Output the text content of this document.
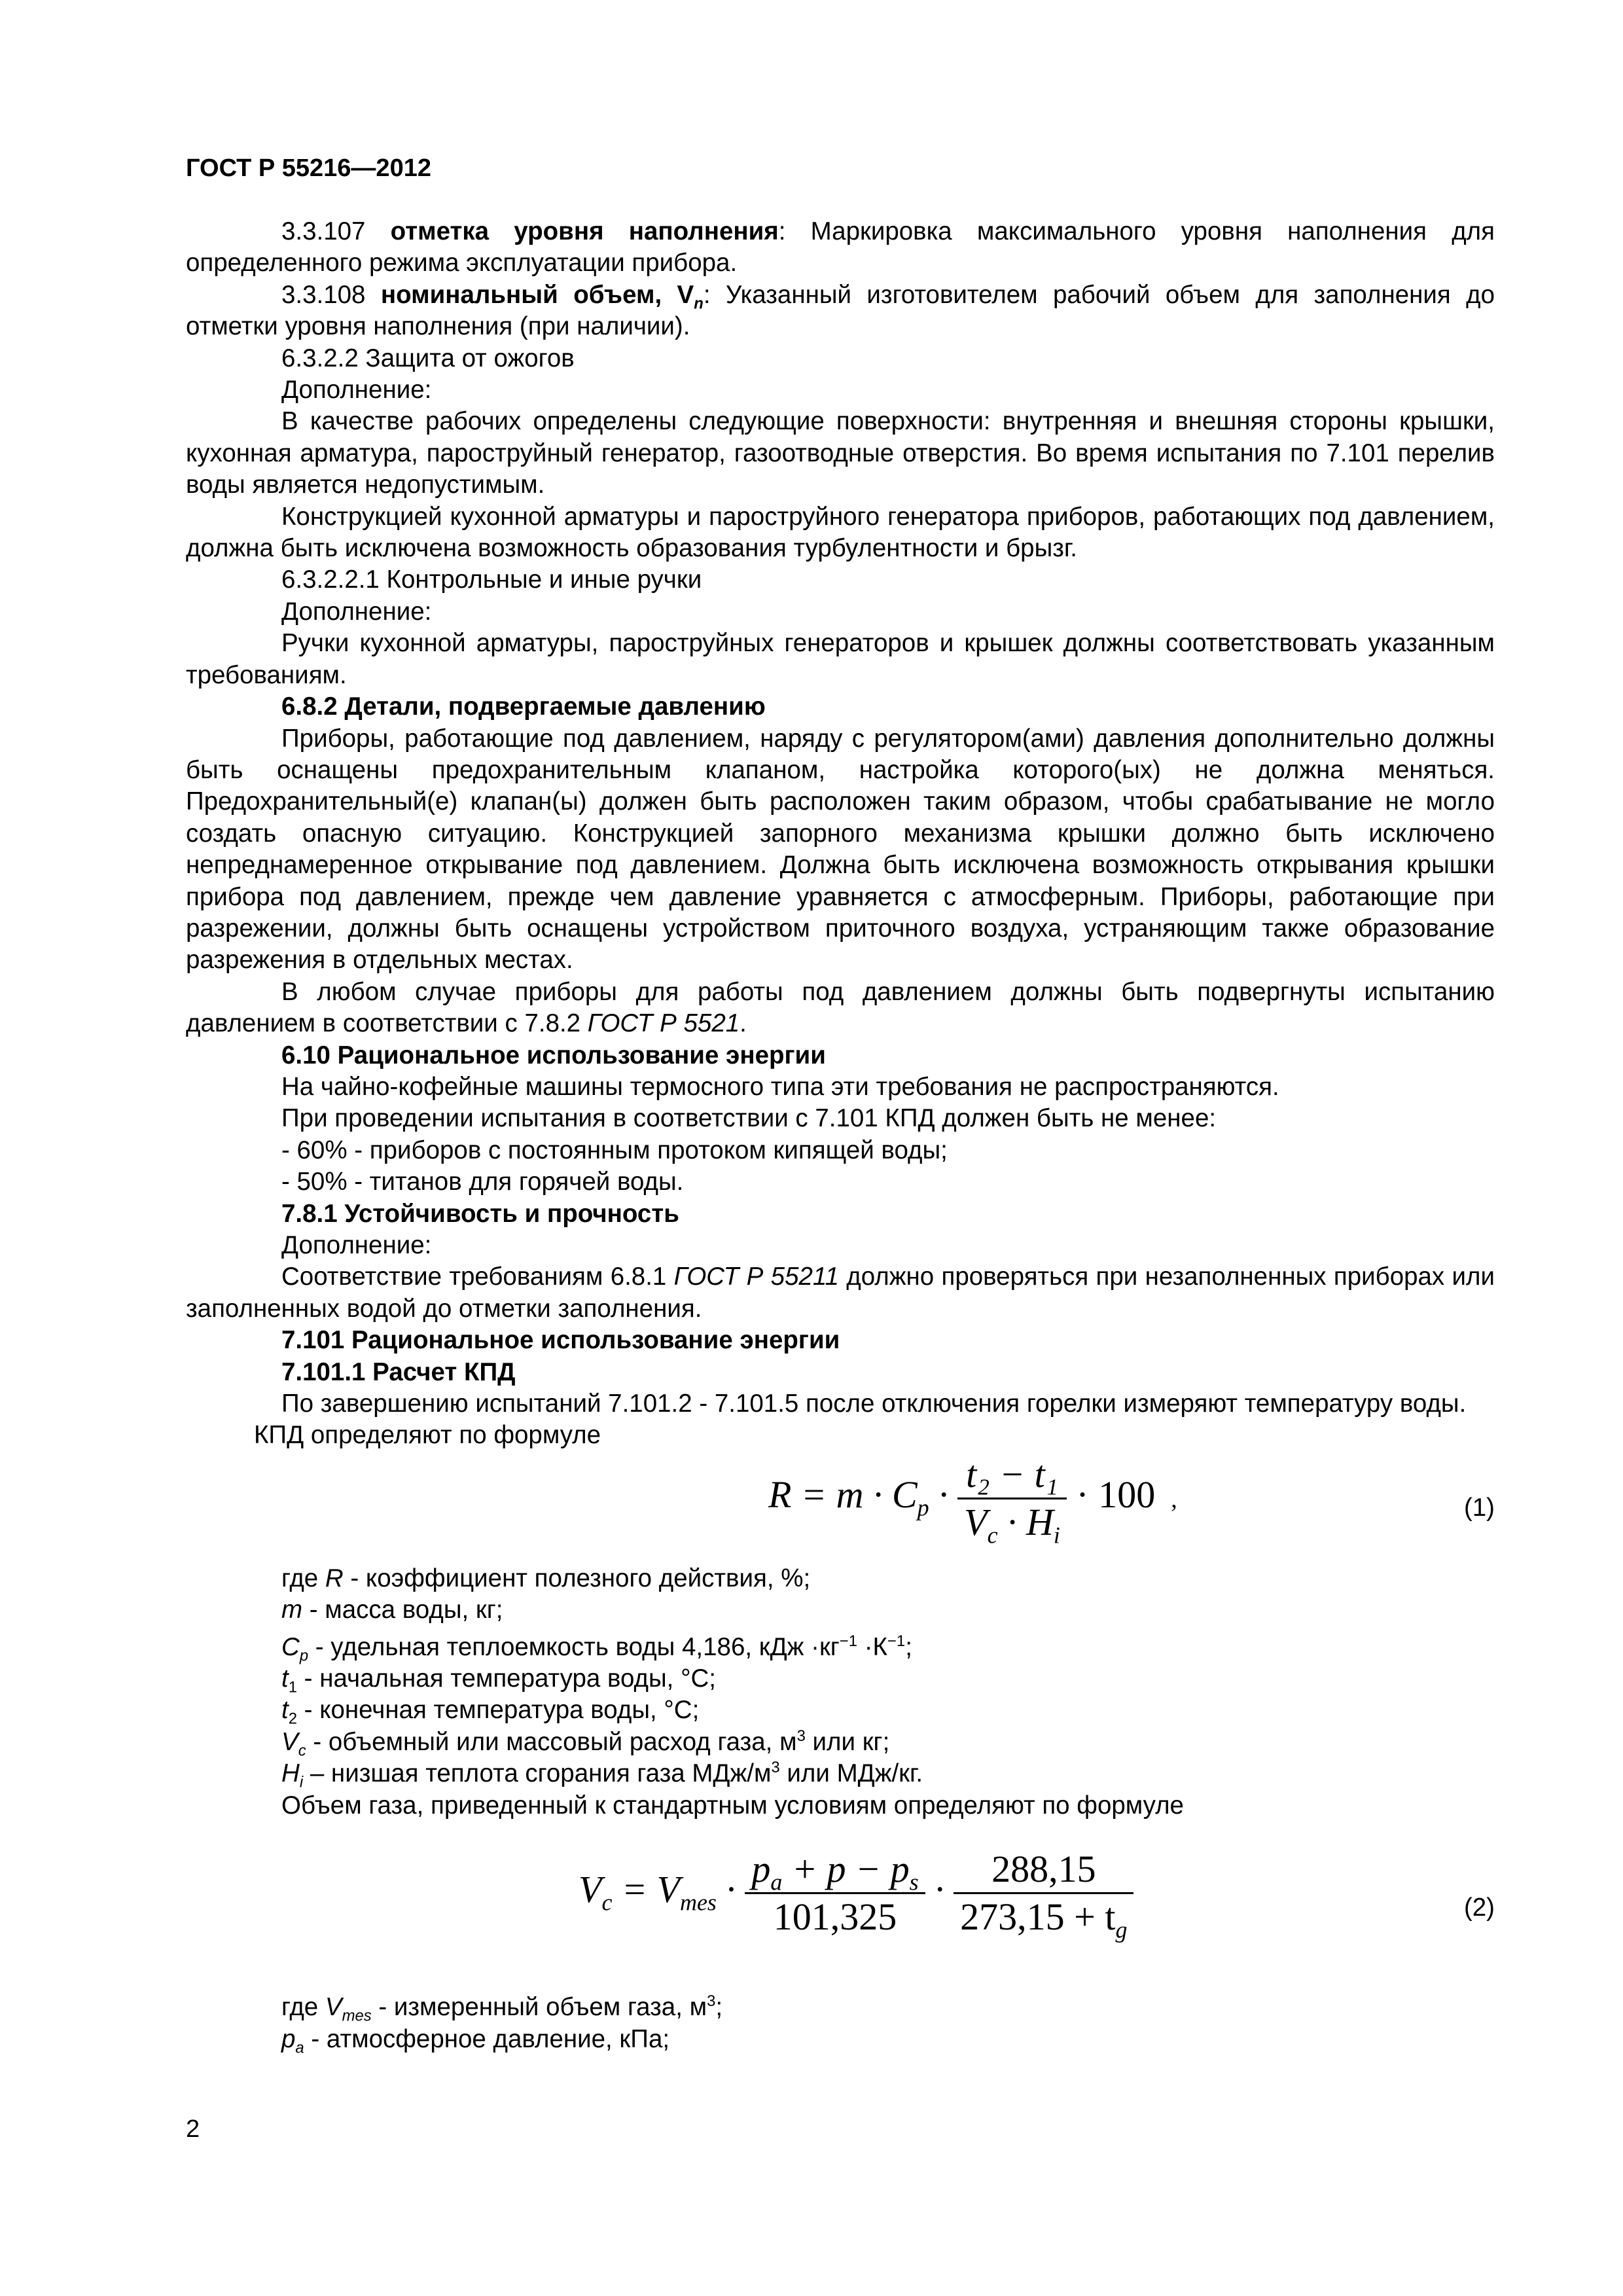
ГОСТ Р 55216—2012

3.3.107 отметка уровня наполнения: Маркировка максимального уровня наполнения для определенного режима эксплуатации прибора.

3.3.108 номинальный объем, $V_n$: Указанный изготовителем рабочий объем для заполнения до отметки уровня наполнения (при наличии).

6.3.2.2 Защита от ожогов

Дополнение:

В качестве рабочих определены следующие поверхности: внутренняя и внешняя стороны крышки, кухонная арматура, пароструйный генератор, газоотводные отверстия. Во время испытания по 7.101 перелив воды является недопустимым.

Конструкцией кухонной арматуры и пароструйного генератора приборов, работающих под давлением, должна быть исключена возможность образования турбулентности и брызг.

6.3.2.2.1 Контрольные и иные ручки

Дополнение:

Ручки кухонной арматуры, пароструйных генераторов и крышек должны соответствовать указанным требованиям.

6.8.2 Детали, подвергаемые давлению

Приборы, работающие под давлением, наряду с регулятором(ами) давления дополнительно должны быть оснащены предохранительным клапаном, настройка которого(ых) не должна меняться. Предохранительный(е) клапан(ы) должен быть расположен таким образом, чтобы срабатывание не могло создать опасную ситуацию. Конструкцией запорного механизма крышки должно быть исключено непреднамеренное открывание под давлением. Должна быть исключена возможность открывания крышки прибора под давлением, прежде чем давление уравняется с атмосферным. Приборы, работающие при разрежении, должны быть оснащены устройством приточного воздуха, устраняющим также образование разрежения в отдельных местах.

В любом случае приборы для работы под давлением должны быть подвергнуты испытанию давлением в соответствии с 7.8.2 ГОСТ Р 5521.

6.10 Рациональное использование энергии

На чайно-кофейные машины термосного типа эти требования не распространяются.

При проведении испытания в соответствии с 7.101 КПД должен быть не менее:

- 60% - приборов с постоянным протоком кипящей воды;

- 50% - титанов для горячей воды.

7.8.1 Устойчивость и прочность

Дополнение:

Соответствие требованиям 6.8.1 ГОСТ Р 55211 должно проверяться при незаполненных приборах или заполненных водой до отметки заполнения.

7.101 Рациональное использование энергии

7.101.1 Расчет КПД

По завершению испытаний 7.101.2 - 7.101.5 после отключения горелки измеряют температуру воды.

КПД определяют по формуле

$R = m \cdot C_p \cdot \frac{\text{t₂ − t₁}}{V_c \cdot H_i} \cdot 100$ ,	(1)
где R - коэффициент полезного действия, %;
m - масса воды, кг;
$C_p$ - удельная теплоемкость воды 4,186, кДж $\cdot кг^{-1} \cdot К^{-1}$;
$t_1$ - начальная температура воды, °С;
$t_2$ - конечная температура воды, °С;
$V_c$ - объемный или массовый расход газа, $м^3$ или кг;
$H_i$ – низшая теплота сгорания газа МДж/$м^3$ или МДж/кг.
Объем газа, приведенный к стандартным условиям определяют по формуле
$V_c = V_{mes} \cdot \frac{p_a + p - p_s}{101,325} \cdot \frac{288,15}{273,15 + t_g}$	(2)
где $V_{mes}$ - измеренный объем газа, $м^3$;
$p_a$ - атмосферное давление, кПа;
2
